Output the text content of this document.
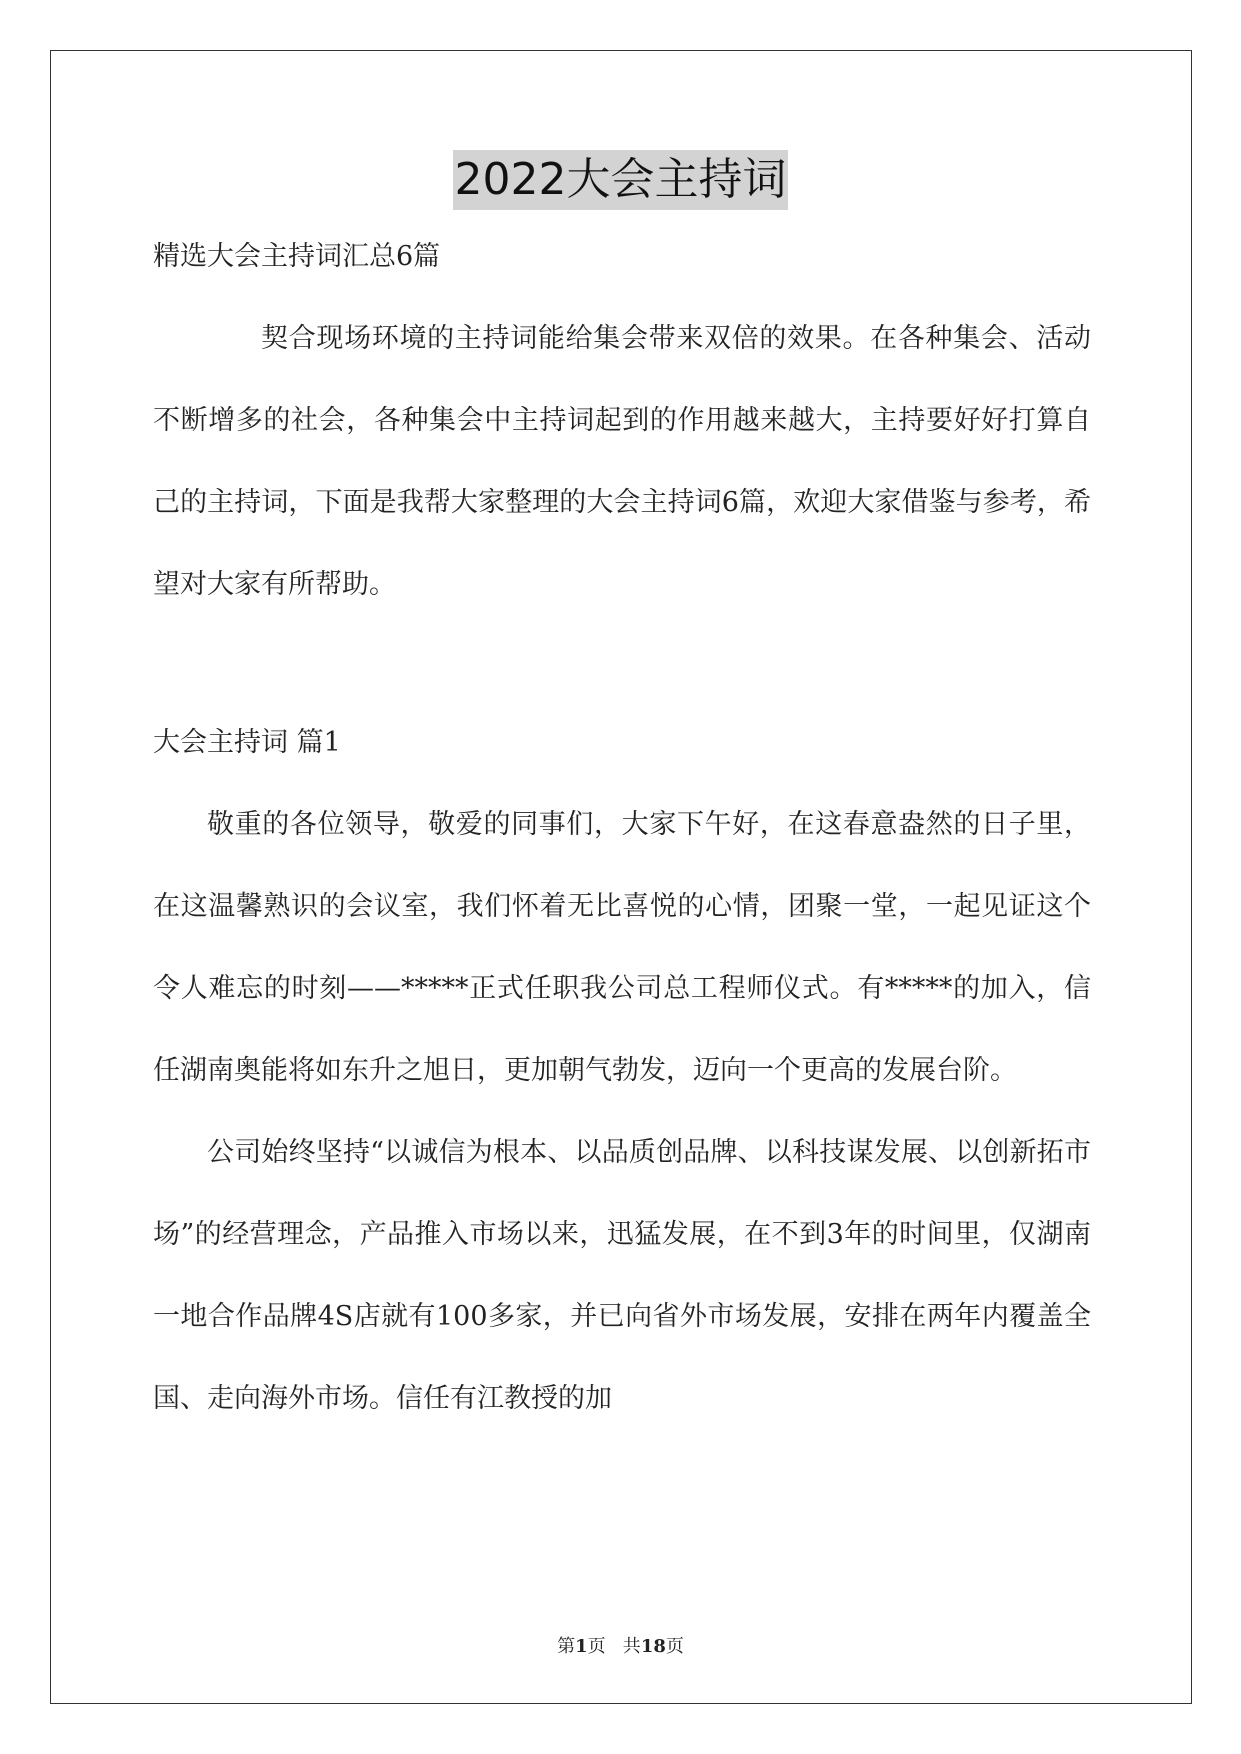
2022大会主持词
精选大会主持词汇总6篇

契合现场环境的主持词能给集会带来双倍的效果。在各种集会、活动不断增多的社会，各种集会中主持词起到的作用越来越大，主持要好好打算自己的主持词，下面是我帮大家整理的大会主持词6篇，欢迎大家借鉴与参考，希望对大家有所帮助。

大会主持词 篇1

敬重的各位领导，敬爱的同事们，大家下午好，在这春意盎然的日子里，在这温馨熟识的会议室，我们怀着无比喜悦的心情，团聚一堂，一起见证这个令人难忘的时刻——*****正式任职我公司总工程师仪式。有*****的加入，信任湖南奥能将如东升之旭日，更加朝气勃发，迈向一个更高的发展台阶。

公司始终坚持“以诚信为根本、以品质创品牌、以科技谋发展、以创新拓市场”的经营理念，产品推入市场以来，迅猛发展，在不到3年的时间里，仅湖南一地合作品牌4S店就有100多家，并已向省外市场发展，安排在两年内覆盖全国、走向海外市场。信任有江教授的加

第1页   共18页
